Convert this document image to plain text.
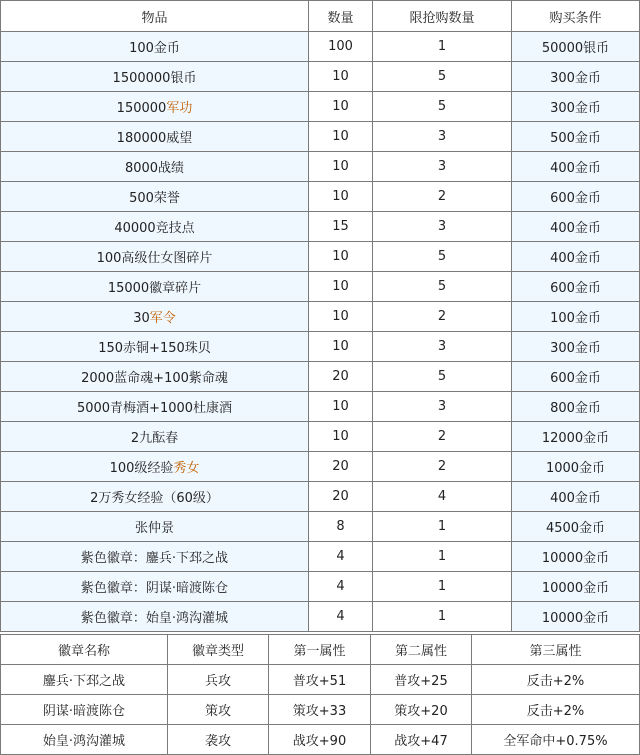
物品	数量	限抢购数量	购买条件
100金币	100	1	50000银币
1500000银币	10	5	300金币
150000军功	10	5	300金币
180000威望	10	3	500金币
8000战绩	10	3	400金币
500荣誉	10	2	600金币
40000竞技点	15	3	400金币
100高级仕女图碎片	10	5	400金币
15000徽章碎片	10	5	600金币
30军令	10	2	100金币
150赤铜+150珠贝	10	3	300金币
2000蓝命魂+100紫命魂	20	5	600金币
5000青梅酒+1000杜康酒	10	3	800金币
2九酝春	10	2	12000金币
100级经验秀女	20	2	1000金币
2万秀女经验（60级）	20	4	400金币
张仲景	8	1	4500金币
紫色徽章：鏖兵·下邳之战	4	1	10000金币
紫色徽章：阴谋·暗渡陈仓	4	1	10000金币
紫色徽章：始皇·鸿沟灌城	4	1	10000金币
徽章名称	徽章类型	第一属性	第二属性	第三属性
鏖兵·下邳之战	兵攻	普攻+51	普攻+25	反击+2%
阴谋·暗渡陈仓	策攻	策攻+33	策攻+20	反击+2%
始皇·鸿沟灌城	袭攻	战攻+90	战攻+47	全军命中+0.75%
